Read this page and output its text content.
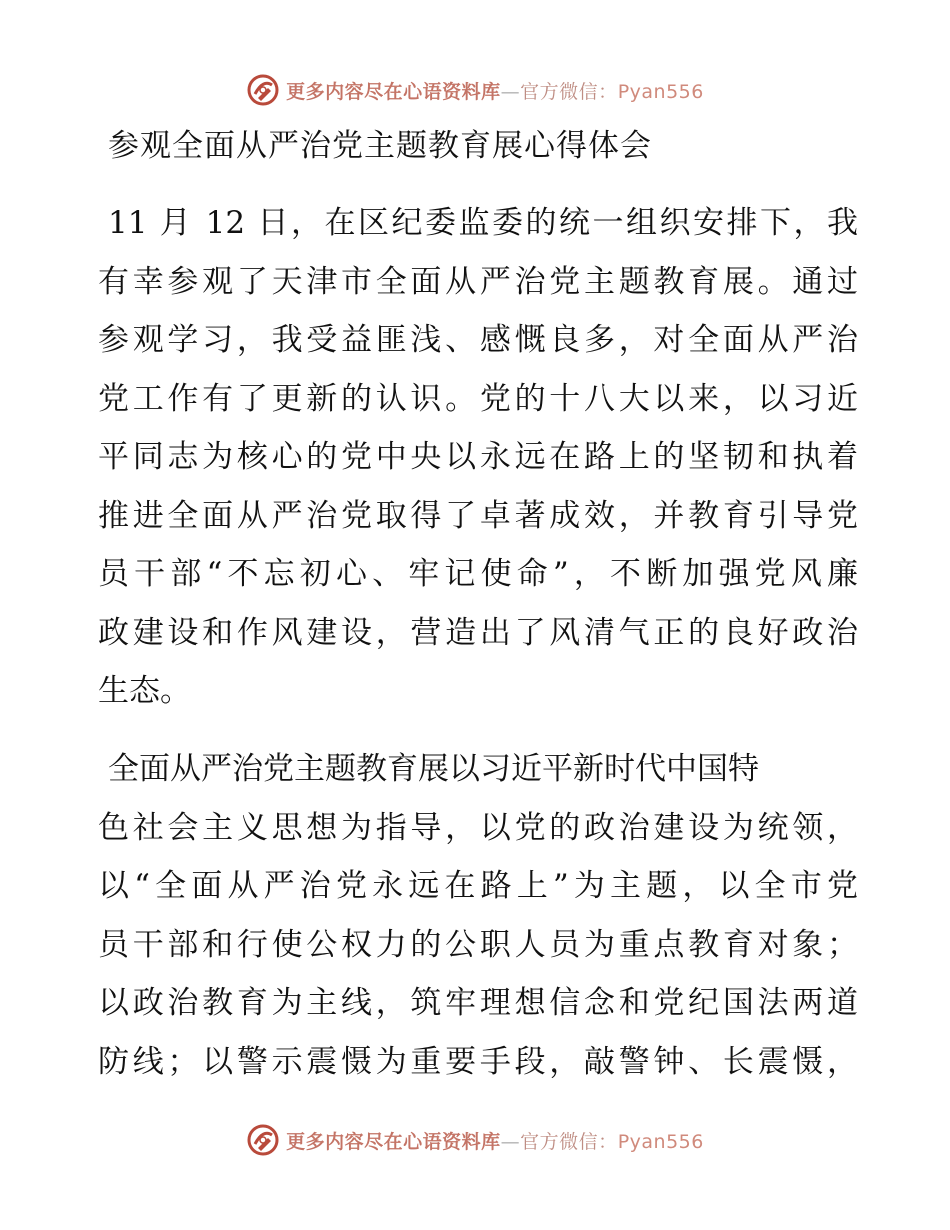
更多内容尽在心语资料库—官方微信：Pyan556
参观全面从严治党主题教育展心得体会
11 月 12 日，在区纪委监委的统一组织安排下，我
有幸参观了天津市全面从严治党主题教育展。通过
参观学习，我受益匪浅、感慨良多，对全面从严治
党工作有了更新的认识。党的十八大以来，以习近
平同志为核心的党中央以永远在路上的坚韧和执着
推进全面从严治党取得了卓著成效，并教育引导党
员干部“不忘初心、牢记使命”，不断加强党风廉
政建设和作风建设，营造出了风清气正的良好政治
生态。
全面从严治党主题教育展以习近平新时代中国特
色社会主义思想为指导，以党的政治建设为统领，
以“全面从严治党永远在路上”为主题，以全市党
员干部和行使公权力的公职人员为重点教育对象；
以政治教育为主线，筑牢理想信念和党纪国法两道
防线；以警示震慑为重要手段，敲警钟、长震慑，
更多内容尽在心语资料库—官方微信：Pyan556
